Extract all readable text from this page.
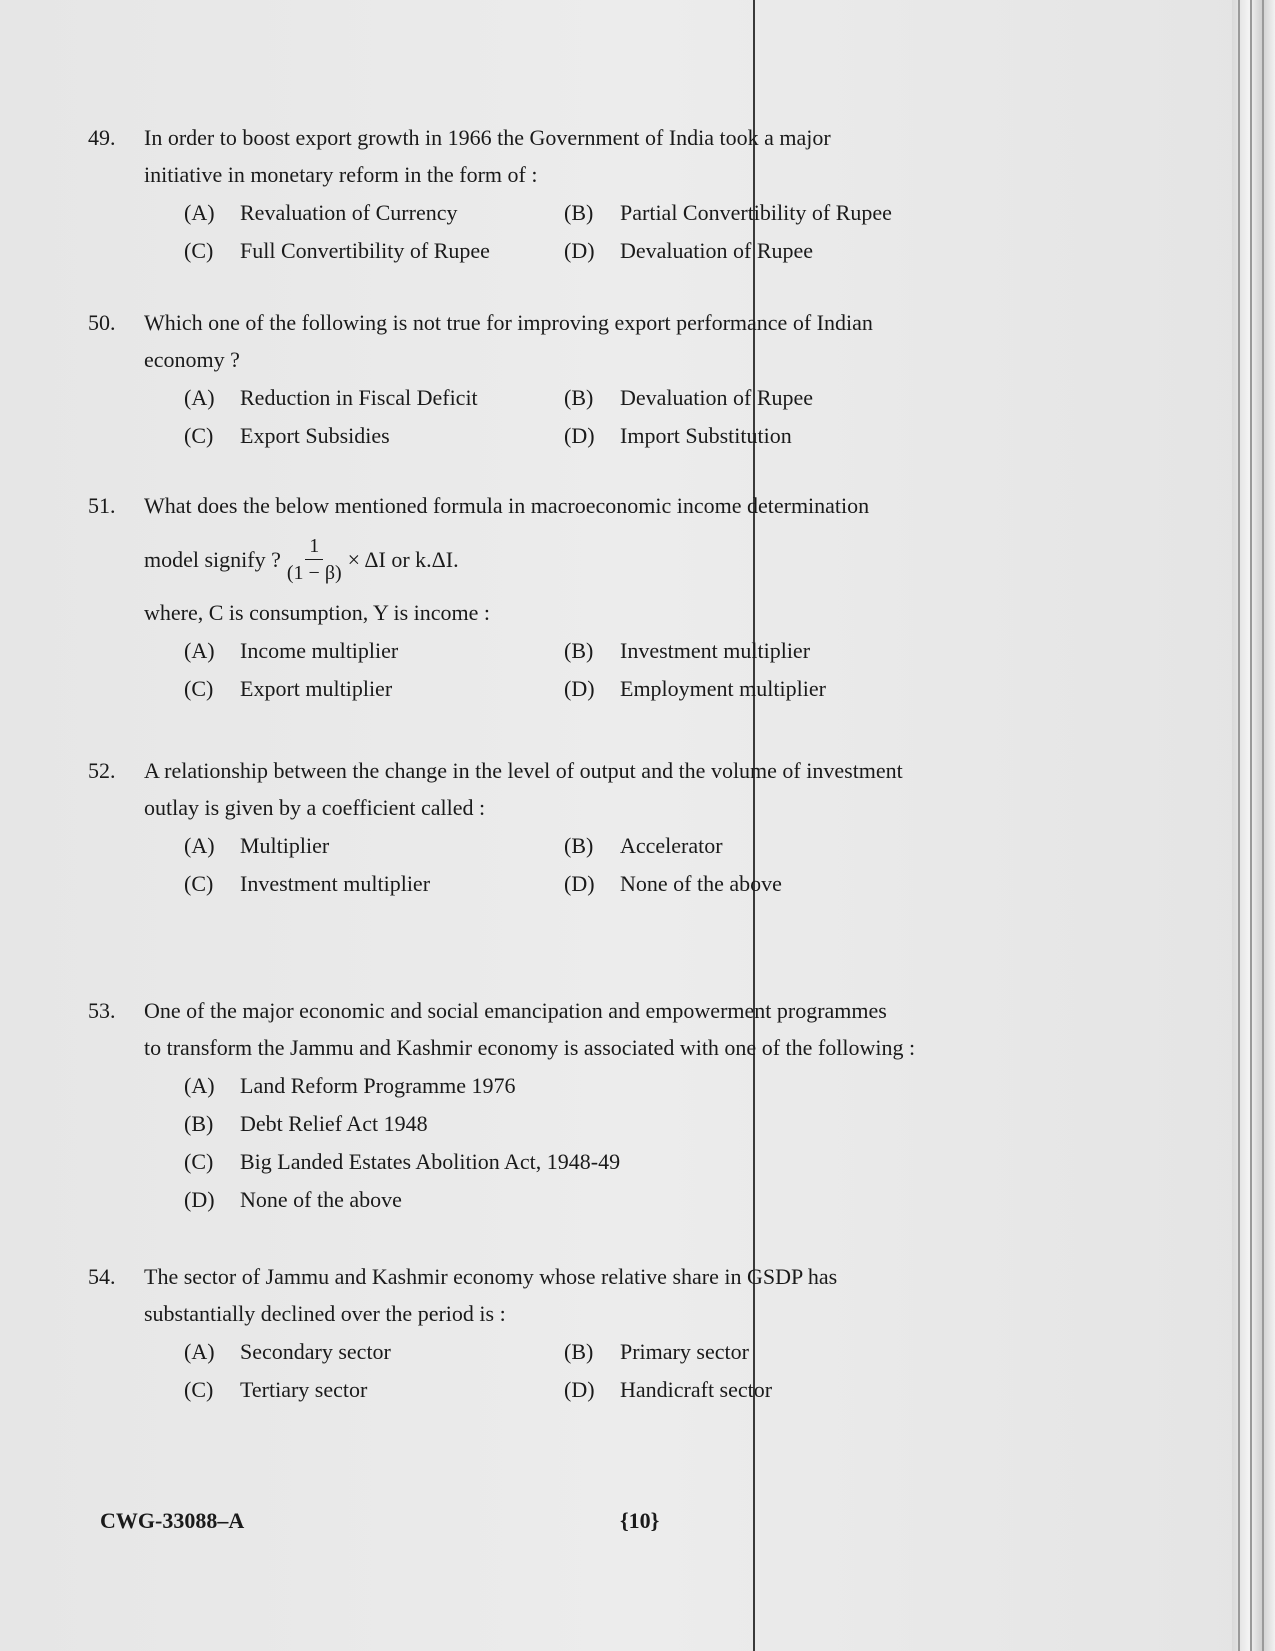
49.	In order to boost export growth in 1966 the Government of India took a major
initiative in monetary reform in the form of :
(A)	Revaluation of Currency	(B)	Partial Convertibility of Rupee
(C)	Full Convertibility of Rupee	(D)	Devaluation of Rupee
50.	Which one of the following is not true for improving export performance of Indian
economy ?
(A)	Reduction in Fiscal Deficit	(B)	Devaluation of Rupee
(C)	Export Subsidies	(D)	Import Substitution
51.	What does the below mentioned formula in macroeconomic income determination
model signify ? $\frac{1}{(1 - \beta)} \times \Delta I$ or k.ΔI.
where, C is consumption, Y is income :
(A)	Income multiplier	(B)	Investment multiplier
(C)	Export multiplier	(D)	Employment multiplier
52.	A relationship between the change in the level of output and the volume of investment
outlay is given by a coefficient called :
(A)	Multiplier	(B)	Accelerator
(C)	Investment multiplier	(D)	None of the above
53.	One of the major economic and social emancipation and empowerment programmes
to transform the Jammu and Kashmir economy is associated with one of the following :
(A)	Land Reform Programme 1976
(B)	Debt Relief Act 1948
(C)	Big Landed Estates Abolition Act, 1948-49
(D)	None of the above
54.	The sector of Jammu and Kashmir economy whose relative share in GSDP has
substantially declined over the period is :
(A)	Secondary sector	(B)	Primary sector
(C)	Tertiary sector	(D)	Handicraft sector
CWG-33088–A	{10}
